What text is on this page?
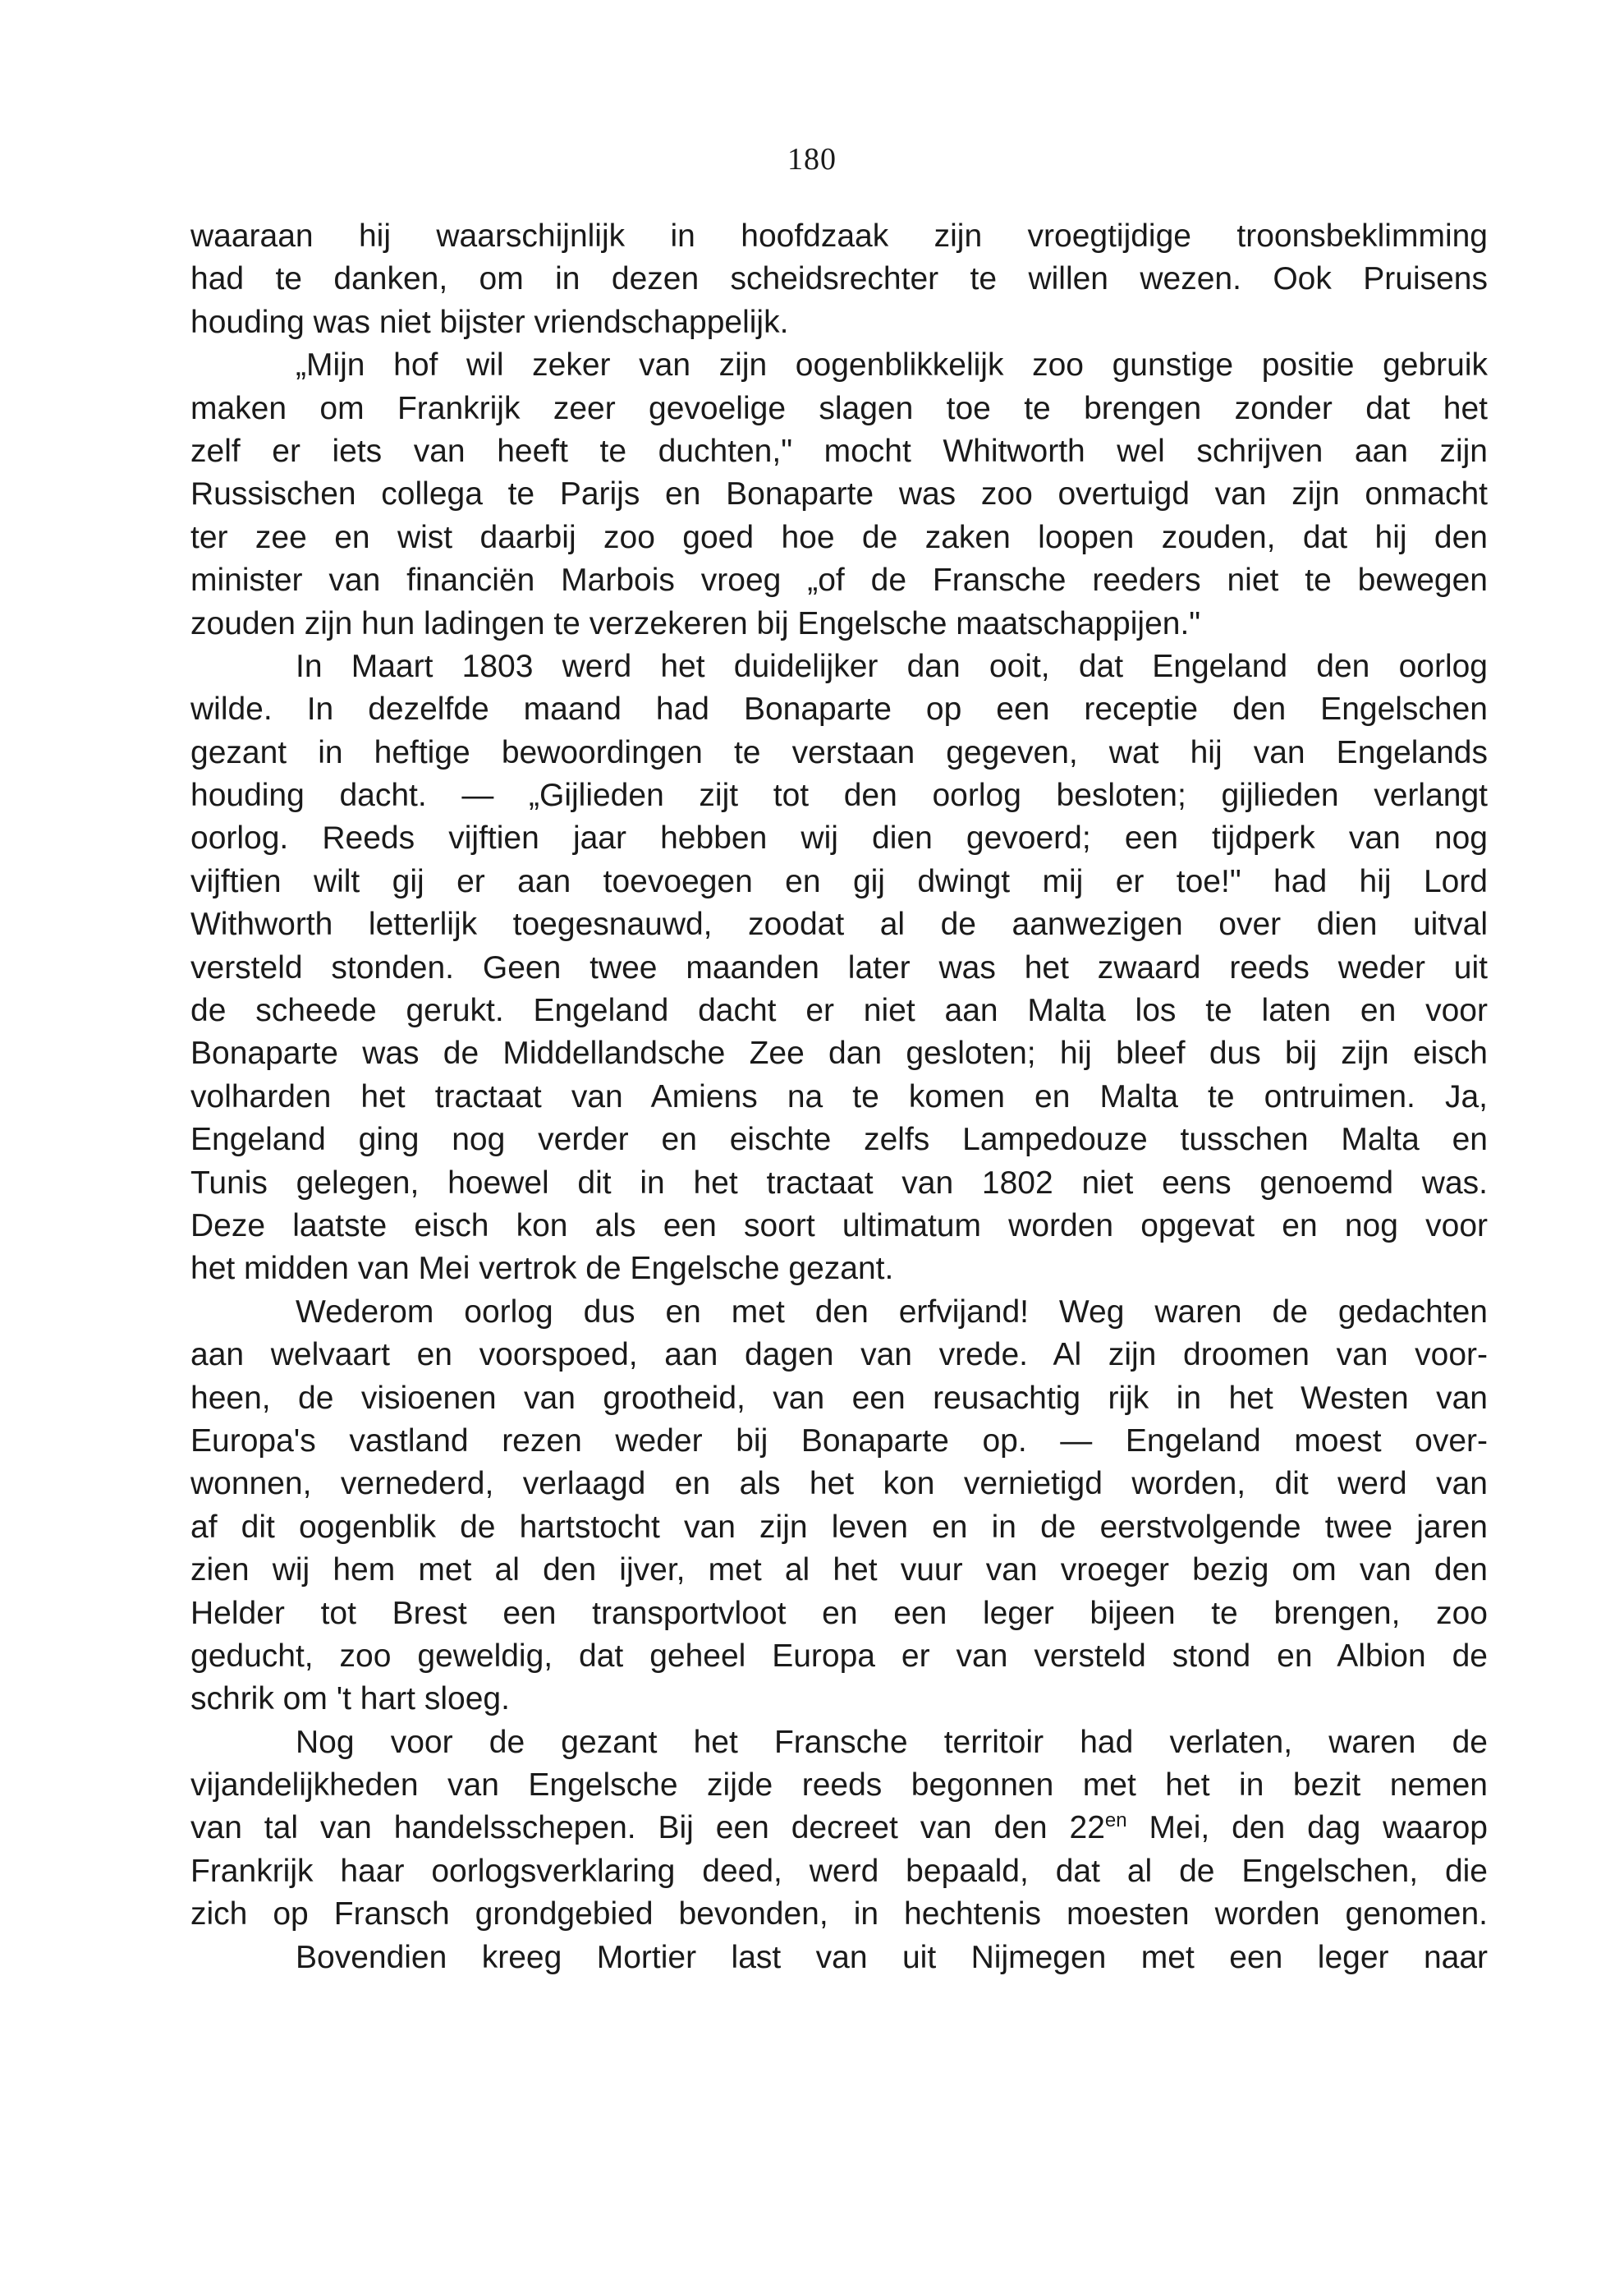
180
waaraan hij waarschijnlijk in hoofdzaak zijn vroegtijdige troonsbeklimming
had te danken, om in dezen scheidsrechter te willen wezen. Ook Pruisens
houding was niet bijster vriendschappelijk.
„Mijn hof wil zeker van zijn oogenblikkelijk zoo gunstige positie gebruik
maken om Frankrijk zeer gevoelige slagen toe te brengen zonder dat het
zelf er iets van heeft te duchten," mocht Whitworth wel schrijven aan zijn
Russischen collega te Parijs en Bonaparte was zoo overtuigd van zijn onmacht
ter zee en wist daarbij zoo goed hoe de zaken loopen zouden, dat hij den
minister van financiën Marbois vroeg „of de Fransche reeders niet te bewegen
zouden zijn hun ladingen te verzekeren bij Engelsche maatschappijen."
In Maart 1803 werd het duidelijker dan ooit, dat Engeland den oorlog
wilde. In dezelfde maand had Bonaparte op een receptie den Engelschen
gezant in heftige bewoordingen te verstaan gegeven, wat hij van Engelands
houding dacht. — „Gijlieden zijt tot den oorlog besloten; gijlieden verlangt
oorlog. Reeds vijftien jaar hebben wij dien gevoerd; een tijdperk van nog
vijftien wilt gij er aan toevoegen en gij dwingt mij er toe!" had hij Lord
Withworth letterlijk toegesnauwd, zoodat al de aanwezigen over dien uitval
versteld stonden. Geen twee maanden later was het zwaard reeds weder uit
de scheede gerukt. Engeland dacht er niet aan Malta los te laten en voor
Bonaparte was de Middellandsche Zee dan gesloten; hij bleef dus bij zijn eisch
volharden het tractaat van Amiens na te komen en Malta te ontruimen. Ja,
Engeland ging nog verder en eischte zelfs Lampedouze tusschen Malta en
Tunis gelegen, hoewel dit in het tractaat van 1802 niet eens genoemd was.
Deze laatste eisch kon als een soort ultimatum worden opgevat en nog voor
het midden van Mei vertrok de Engelsche gezant.
Wederom oorlog dus en met den erfvijand! Weg waren de gedachten
aan welvaart en voorspoed, aan dagen van vrede. Al zijn droomen van voor-
heen, de visioenen van grootheid, van een reusachtig rijk in het Westen van
Europa's vastland rezen weder bij Bonaparte op. — Engeland moest over-
wonnen, vernederd, verlaagd en als het kon vernietigd worden, dit werd van
af dit oogenblik de hartstocht van zijn leven en in de eerstvolgende twee jaren
zien wij hem met al den ijver, met al het vuur van vroeger bezig om van den
Helder tot Brest een transportvloot en een leger bijeen te brengen, zoo
geducht, zoo geweldig, dat geheel Europa er van versteld stond en Albion de
schrik om 't hart sloeg.
Nog voor de gezant het Fransche territoir had verlaten, waren de
vijandelijkheden van Engelsche zijde reeds begonnen met het in bezit nemen
van tal van handelsschepen. Bij een decreet van den $22^{en}$ Mei, den dag waarop
Frankrijk haar oorlogsverklaring deed, werd bepaald, dat al de Engelschen, die
zich op Fransch grondgebied bevonden, in hechtenis moesten worden genomen.
Bovendien kreeg Mortier last van uit Nijmegen met een leger naar
